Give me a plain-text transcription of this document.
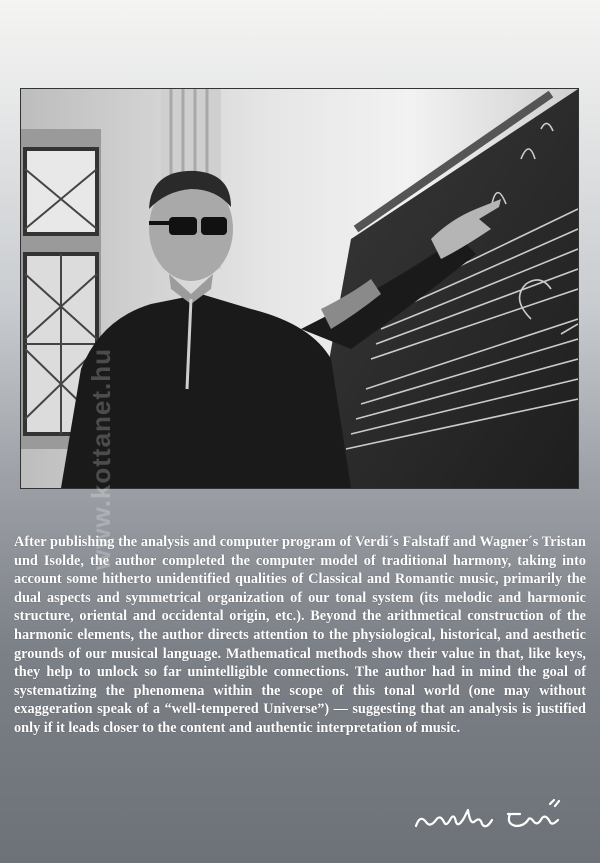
www.kottanet.hu

After publishing the analysis and computer program of Verdi´s Falstaff and Wagner´s Tristan und Isolde, the author completed the computer model of traditional harmony, taking into account some hitherto unidentified qualities of Classical and Romantic music, primarily the dual aspects and symmetrical organization of our tonal system (its melodic and harmonic structure, oriental and occidental origin, etc.). Beyond the arithmetical construction of the harmonic elements, the author directs attention to the physiological, historical, and aesthetic grounds of our musical language. Mathematical methods show their value in that, like keys, they help to unlock so far unintelligible connections. The author had in mind the goal of systematizing the phenomena within the scope of this tonal world (one may without exaggeration speak of a “well-tempered Universe”) — suggesting that an analysis is justified only if it leads closer to the content and authentic interpretation of music.
